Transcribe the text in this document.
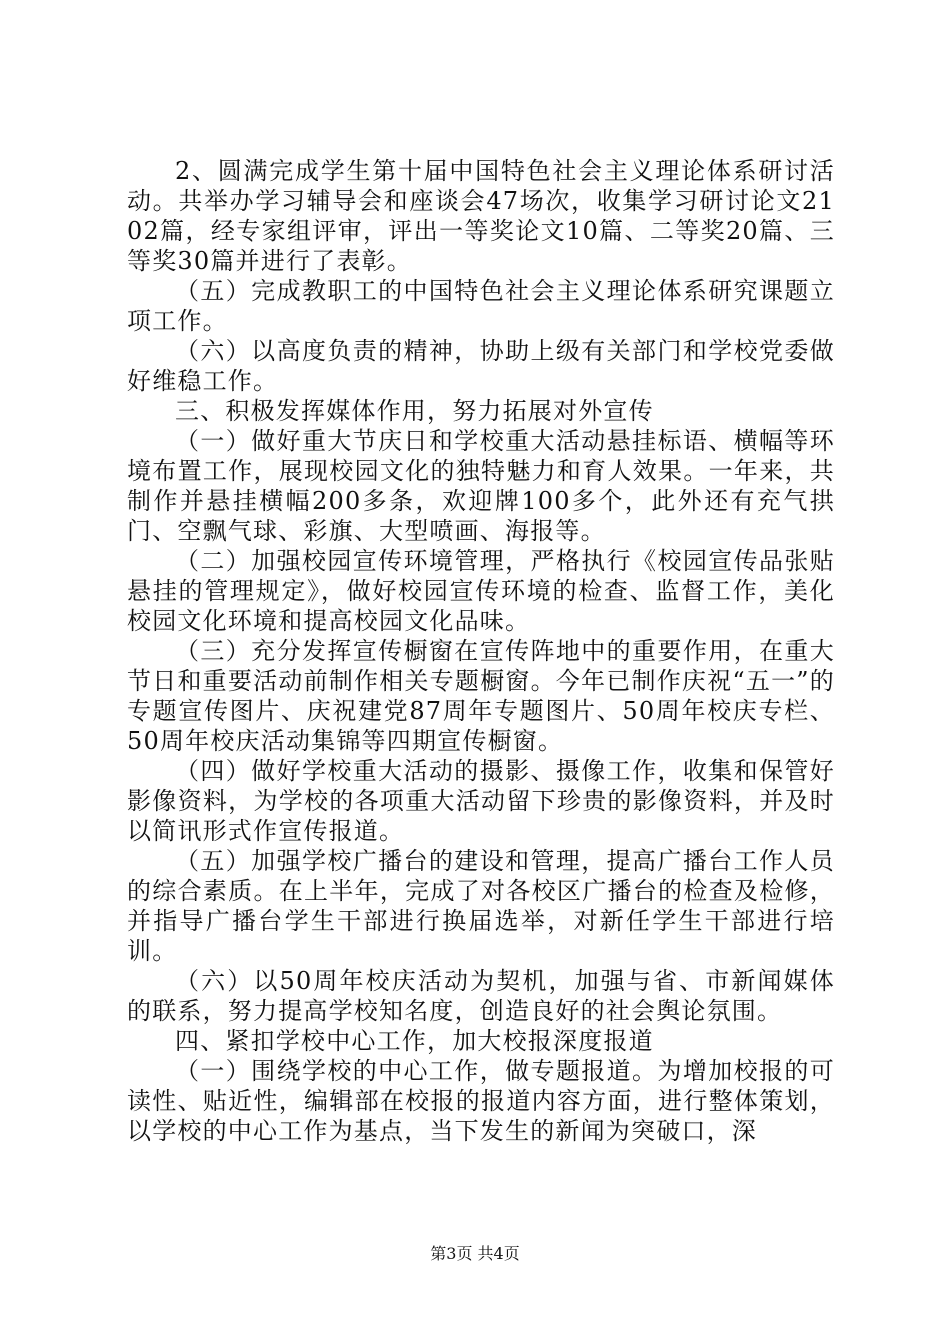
2、圆满完成学生第十届中国特色社会主义理论体系研讨活动。共举办学习辅导会和座谈会47场次，收集学习研讨论文2102篇，经专家组评审，评出一等奖论文10篇、二等奖20篇、三等奖30篇并进行了表彰。

（五）完成教职工的中国特色社会主义理论体系研究课题立项工作。

（六）以高度负责的精神，协助上级有关部门和学校党委做好维稳工作。

三、积极发挥媒体作用，努力拓展对外宣传

（一）做好重大节庆日和学校重大活动悬挂标语、横幅等环境布置工作，展现校园文化的独特魅力和育人效果。一年来，共制作并悬挂横幅200多条，欢迎牌100多个，此外还有充气拱门、空飘气球、彩旗、大型喷画、海报等。

（二）加强校园宣传环境管理，严格执行《校园宣传品张贴悬挂的管理规定》，做好校园宣传环境的检查、监督工作，美化校园文化环境和提高校园文化品味。

（三）充分发挥宣传橱窗在宣传阵地中的重要作用，在重大节日和重要活动前制作相关专题橱窗。今年已制作庆祝“五一”的专题宣传图片、庆祝建党87周年专题图片、50周年校庆专栏、50周年校庆活动集锦等四期宣传橱窗。

（四）做好学校重大活动的摄影、摄像工作，收集和保管好影像资料，为学校的各项重大活动留下珍贵的影像资料，并及时以简讯形式作宣传报道。

（五）加强学校广播台的建设和管理，提高广播台工作人员的综合素质。在上半年，完成了对各校区广播台的检查及检修，并指导广播台学生干部进行换届选举，对新任学生干部进行培训。

（六）以50周年校庆活动为契机，加强与省、市新闻媒体的联系，努力提高学校知名度，创造良好的社会舆论氛围。

四、紧扣学校中心工作，加大校报深度报道

（一）围绕学校的中心工作，做专题报道。为增加校报的可读性、贴近性，编辑部在校报的报道内容方面，进行整体策划，以学校的中心工作为基点，当下发生的新闻为突破口，深

第3页 共4页
